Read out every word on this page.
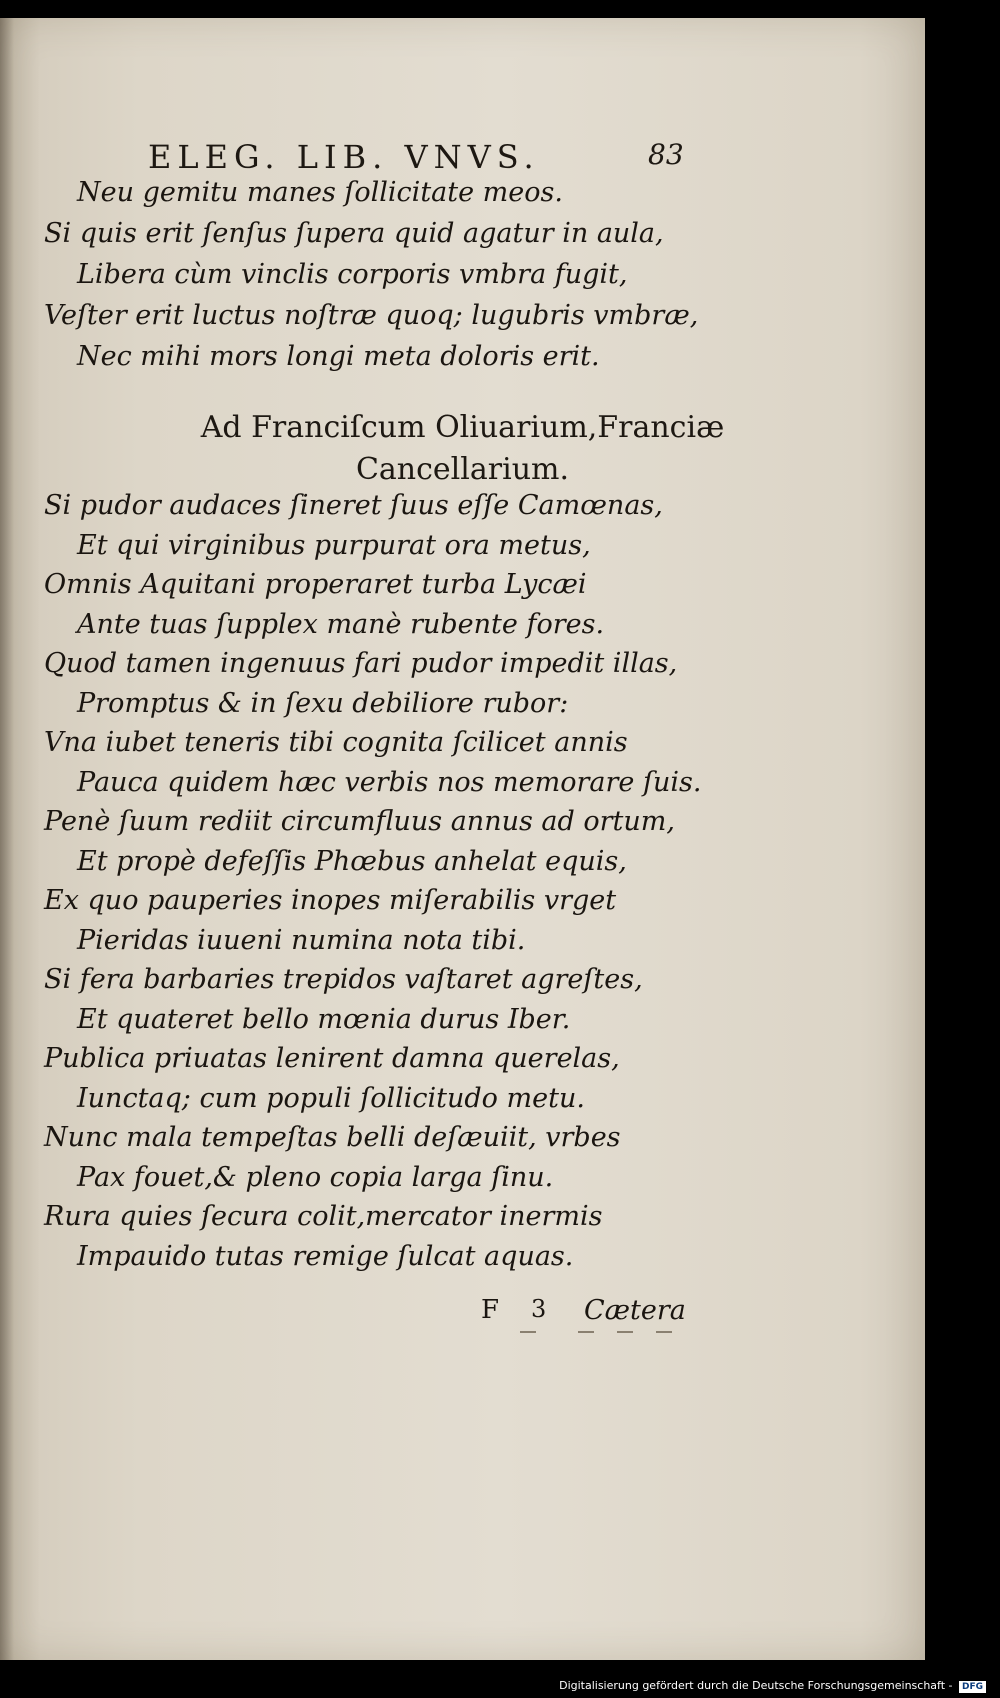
ELEG. LIB. VNVS.	83
Neu gemitu manes ſollicitate meos.
Si quis erit ſenſus ſupera quid agatur in aula,
Libera cùm vinclis corporis vmbra fugit,
Veſter erit luctus noſtræ quoq; lugubris vmbræ,
Nec mihi mors longi meta doloris erit.
Ad Franciſcum Oliuarium,Franciæ
Cancellarium.
Si pudor audaces ſineret ſuus eſſe Camœnas,
Et qui virginibus purpurat ora metus,
Omnis Aquitani properaret turba Lycæi
Ante tuas ſupplex manè rubente fores.
Quod tamen ingenuus fari pudor impedit illas,
Promptus & in ſexu debiliore rubor:
Vna iubet teneris tibi cognita ſcilicet annis
Pauca quidem hæc verbis nos memorare ſuis.
Penè ſuum rediit circumfluus annus ad ortum,
Et propè defeſſis Phœbus anhelat equis,
Ex quo pauperies inopes miſerabilis vrget
Pieridas iuueni numina nota tibi.
Si fera barbaries trepidos vaſtaret agreſtes,
Et quateret bello mœnia durus Iber.
Publica priuatas lenirent damna querelas,
Iunctaq; cum populi ſollicitudo metu.
Nunc mala tempeſtas belli deſæuiit, vrbes
Pax fouet,& pleno copia larga ſinu.
Rura quies ſecura colit,mercator inermis
Impauido tutas remige ſulcat aquas.
F 3 Cætera
Digitalisierung gefördert durch die Deutsche Forschungsgemeinschaft - DFG
